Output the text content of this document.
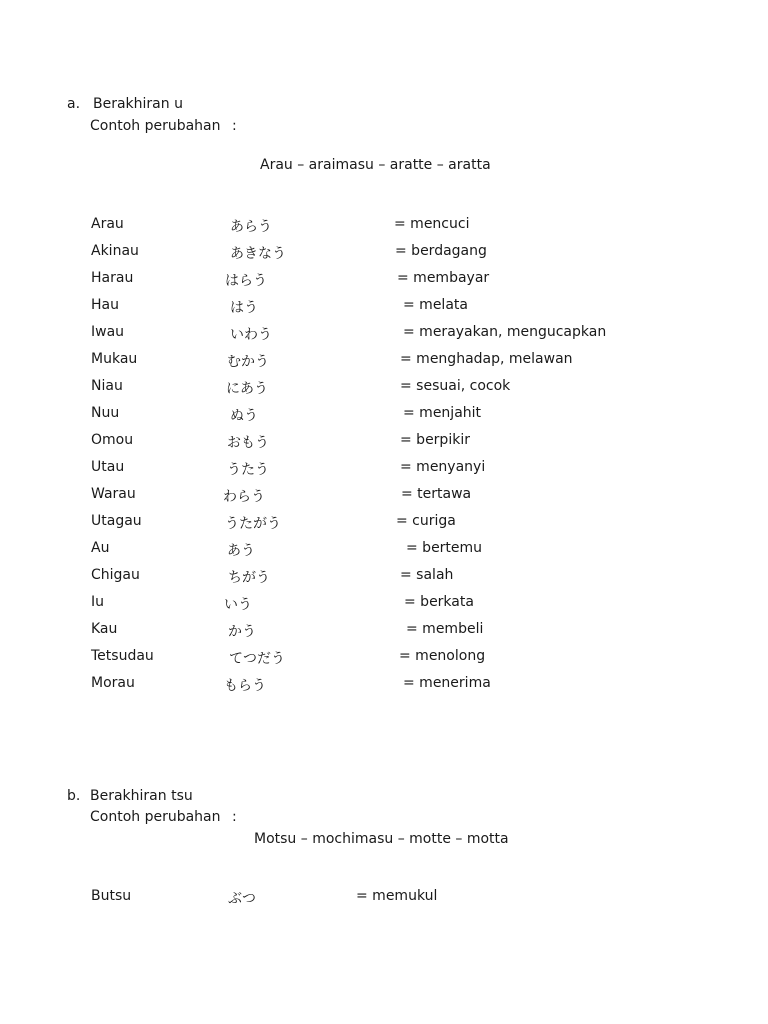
a. Berakhiran u
Contoh perubahan :
Arau – araimasu – aratte – aratta
Arau	あらう	= mencuci
Akinau	あきなう	= berdagang
Harau	はらう	= membayar
Hau	はう	= melata
Iwau	いわう	= merayakan, mengucapkan
Mukau	むかう	= menghadap, melawan
Niau	にあう	= sesuai, cocok
Nuu	ぬう	= menjahit
Omou	おもう	= berpikir
Utau	うたう	= menyanyi
Warau	わらう	= tertawa
Utagau	うたがう	= curiga
Au	あう	= bertemu
Chigau	ちがう	= salah
Iu	いう	= berkata
Kau	かう	= membeli
Tetsudau	てつだう	= menolong
Morau	もらう	= menerima
b. Berakhiran tsu
Contoh perubahan :
Motsu – mochimasu – motte – motta
Butsu	ぶつ	= memukul
